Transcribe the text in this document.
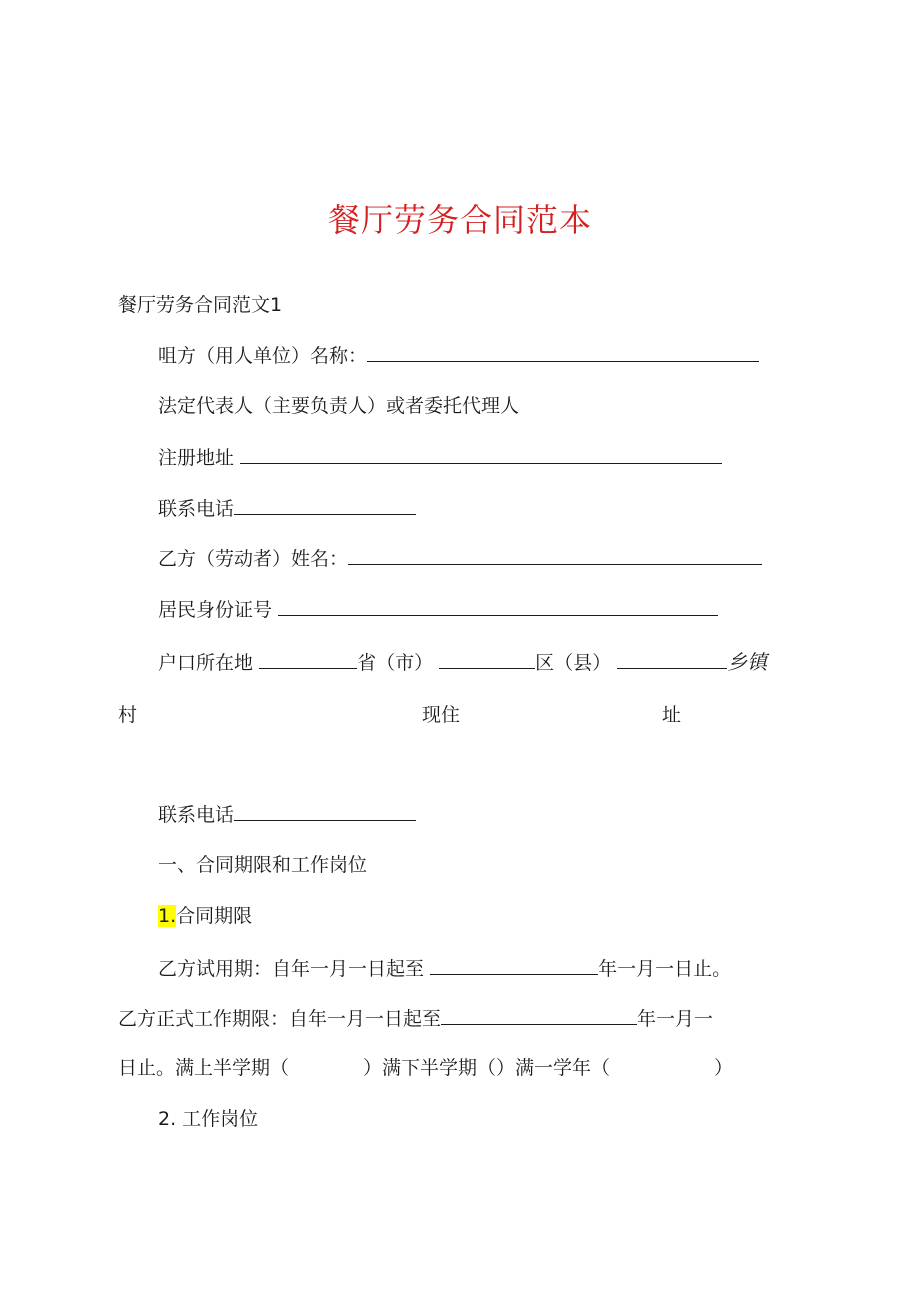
餐厅劳务合同范本
餐厅劳务合同范文1
咀方（用人单位）名称：
法定代表人（主要负责人）或者委托代理人
注册地址
联系电话
乙方（劳动者）姓名：
居民身份证号
户口所在地	省（市）	区（县）	乡镇
村	现住	址
联系电话
一、合同期限和工作岗位
1.合同期限
乙方试用期：自年一月一日起至	年一月一日止。
乙方正式工作期限：自年一月一日起至	年一月一
日止。满上半学期（	）满下半学期（）满一学年（	）
2. 工作岗位
